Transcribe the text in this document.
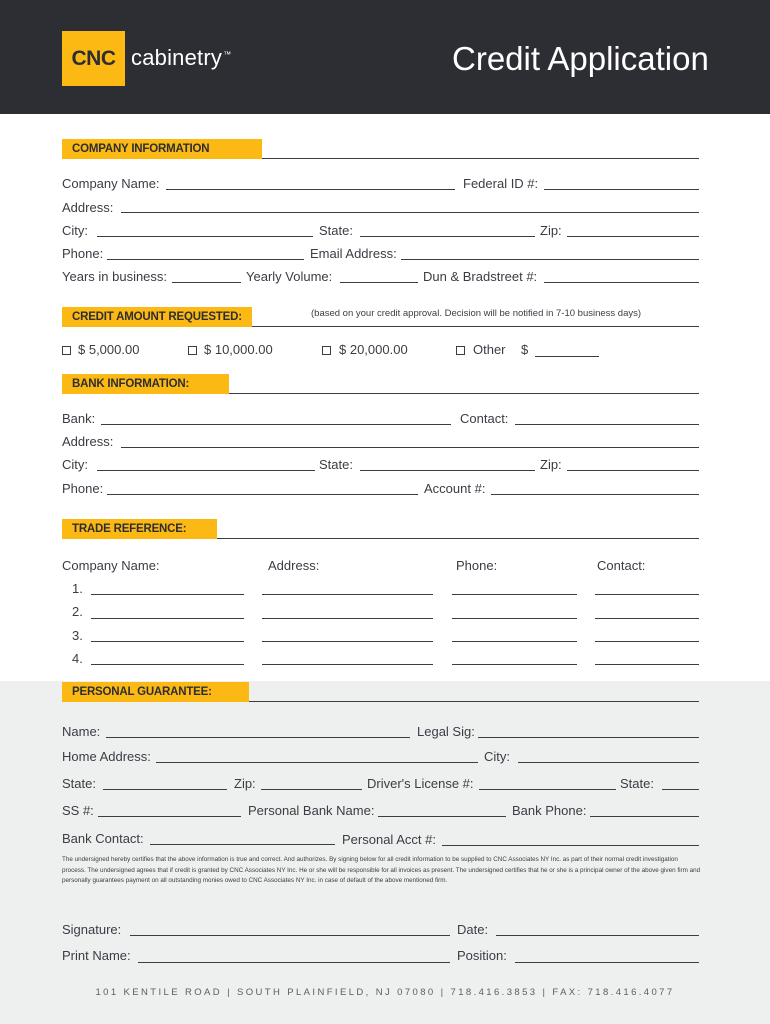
CNC cabinetry™	Credit Application
COMPANY INFORMATION
Company Name:	Federal ID #:
Address:
City:	State:	Zip:
Phone:	Email Address:
Years in business:	Yearly Volume:	Dun & Bradstreet #:
CREDIT AMOUNT REQUESTED:	(based on your credit approval. Decision will be notified in 7-10 business days)
$ 5,000.00	$ 10,000.00	$ 20,000.00	Other $
BANK INFORMATION:
Bank:	Contact:
Address:
City:	State:	Zip:
Phone:	Account #:
TRADE REFERENCE:
Company Name:	Address:	Phone:	Contact:
1.
2.
3.
4.
PERSONAL GUARANTEE:
Name:	Legal Sig:
Home Address:	City:
State:	Zip:	Driver's License #:	State:
SS #:	Personal Bank Name:	Bank Phone:
Bank Contact:	Personal Acct #:
The undersigned hereby certifies that the above information is true and correct. And authorizes. By signing below for all credit information to be supplied to CNC Associates NY Inc. as part of their normal credit investigation process. The undersigned agrees that if credit is granted by CNC Associates NY Inc. He or she will be responsible for all invoices as present. The undersigned certifies that he or she is a principal owner of the above given firm and personally guarantees payment on all outstanding monies owed to CNC Associates NY Inc. in case of default of the above mentioned firm.
Signature:	Date:
Print Name:	Position:
101 KENTILE ROAD | SOUTH PLAINFIELD, NJ 07080 | 718.416.3853 | FAX: 718.416.4077
